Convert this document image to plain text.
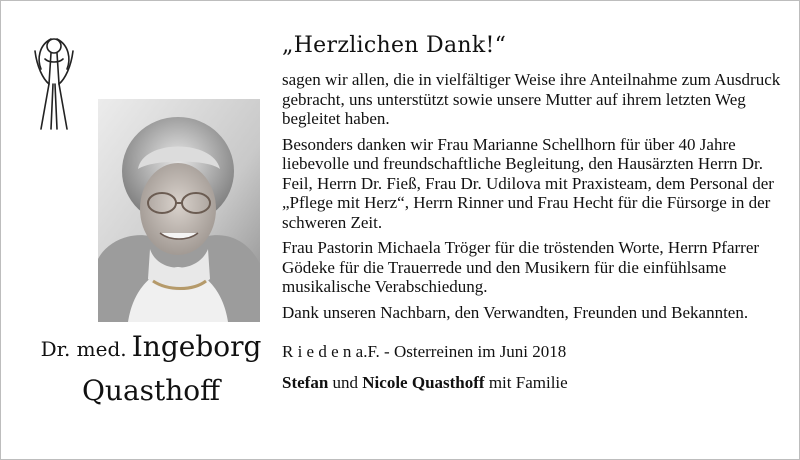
Dr. med. Ingeborg
Quasthoff
„Herzlichen Dank!“

sagen wir allen, die in vielfältiger Weise ihre Anteilnahme zum Ausdruck gebracht, uns unterstützt sowie unsere Mutter auf ihrem letzten Weg begleitet haben.

Besonders danken wir Frau Marianne Schellhorn für über 40 Jahre liebevolle und freundschaftliche Begleitung, den Hausärzten Herrn Dr. Feil, Herrn Dr. Fieß, Frau Dr. Udilova mit Praxisteam, dem Personal der „Pflege mit Herz“, Herrn Rinner und Frau Hecht für die Fürsorge in der schweren Zeit.

Frau Pastorin Michaela Tröger für die tröstenden Worte, Herrn Pfarrer Gödeke für die Trauerrede und den Musikern für die einfühlsame musikalische Verabschiedung.

Dank unseren Nachbarn, den Verwandten, Freunden und Bekannten.

R i e d e n a.F. - Osterreinen im Juni 2018

Stefan und Nicole Quasthoff mit Familie
